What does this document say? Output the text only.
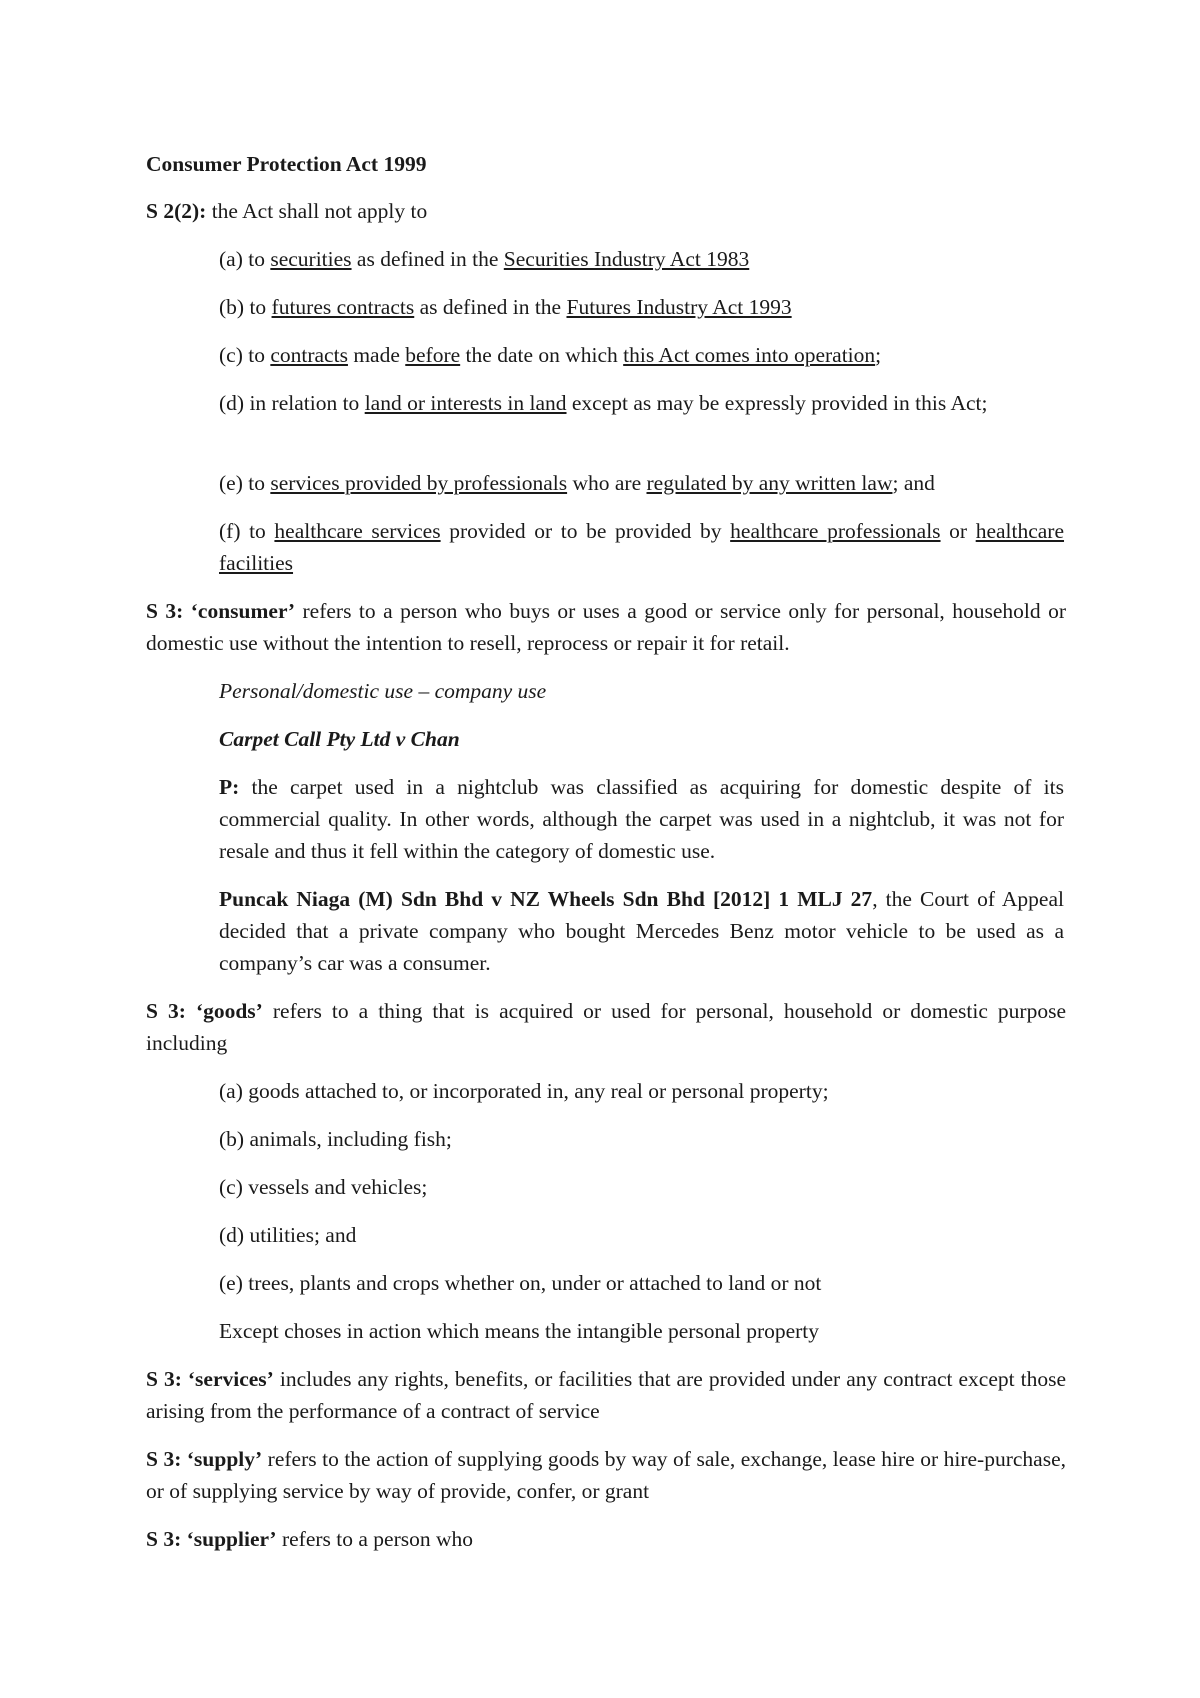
Consumer Protection Act 1999

S 2(2): the Act shall not apply to

(a) to securities as defined in the Securities Industry Act 1983

(b) to futures contracts as defined in the Futures Industry Act 1993

(c) to contracts made before the date on which this Act comes into operation;

(d) in relation to land or interests in land except as may be expressly provided in this Act;

(e) to services provided by professionals who are regulated by any written law; and

(f) to healthcare services provided or to be provided by healthcare professionals or healthcare facilities

S 3: ‘consumer’ refers to a person who buys or uses a good or service only for personal, household or domestic use without the intention to resell, reprocess or repair it for retail.

Personal/domestic use – company use

Carpet Call Pty Ltd v Chan

P: the carpet used in a nightclub was classified as acquiring for domestic despite of its commercial quality. In other words, although the carpet was used in a nightclub, it was not for resale and thus it fell within the category of domestic use.

Puncak Niaga (M) Sdn Bhd v NZ Wheels Sdn Bhd [2012] 1 MLJ 27, the Court of Appeal decided that a private company who bought Mercedes Benz motor vehicle to be used as a company’s car was a consumer.

S 3: ‘goods’ refers to a thing that is acquired or used for personal, household or domestic purpose including

(a) goods attached to, or incorporated in, any real or personal property;

(b) animals, including fish;

(c) vessels and vehicles;

(d) utilities; and

(e) trees, plants and crops whether on, under or attached to land or not

Except choses in action which means the intangible personal property

S 3: ‘services’ includes any rights, benefits, or facilities that are provided under any contract except those arising from the performance of a contract of service

S 3: ‘supply’ refers to the action of supplying goods by way of sale, exchange, lease hire or hire-purchase, or of supplying service by way of provide, confer, or grant

S 3: ‘supplier’ refers to a person who
